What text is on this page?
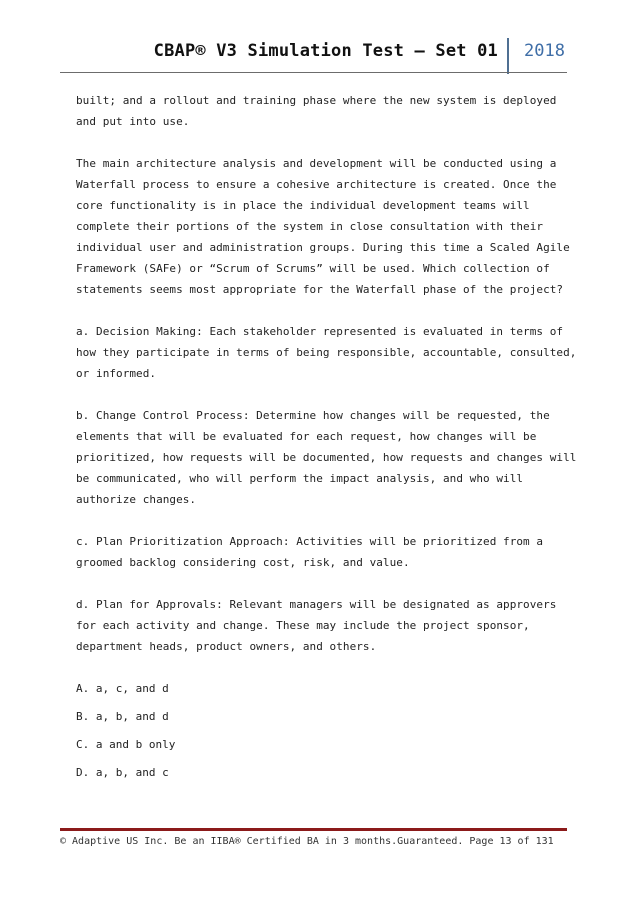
CBAP® V3 Simulation Test – Set 01 2018

built; and a rollout and training phase where the new system is deployed
and put into use.

The main architecture analysis and development will be conducted using a
Waterfall process to ensure a cohesive architecture is created. Once the
core functionality is in place the individual development teams will
complete their portions of the system in close consultation with their
individual user and administration groups. During this time a Scaled Agile
Framework (SAFe) or “Scrum of Scrums” will be used. Which collection of
statements seems most appropriate for the Waterfall phase of the project?

a. Decision Making: Each stakeholder represented is evaluated in terms of
how they participate in terms of being responsible, accountable, consulted,
or informed.

b. Change Control Process: Determine how changes will be requested, the
elements that will be evaluated for each request, how changes will be
prioritized, how requests will be documented, how requests and changes will
be communicated, who will perform the impact analysis, and who will
authorize changes.

c. Plan Prioritization Approach: Activities will be prioritized from a
groomed backlog considering cost, risk, and value.

d. Plan for Approvals: Relevant managers will be designated as approvers
for each activity and change. These may include the project sponsor,
department heads, product owners, and others.

A. a, c, and d
B. a, b, and d
C. a and b only
D. a, b, and c
© Adaptive US Inc. Be an IIBA® Certified BA in 3 months.Guaranteed. Page 13 of 131
